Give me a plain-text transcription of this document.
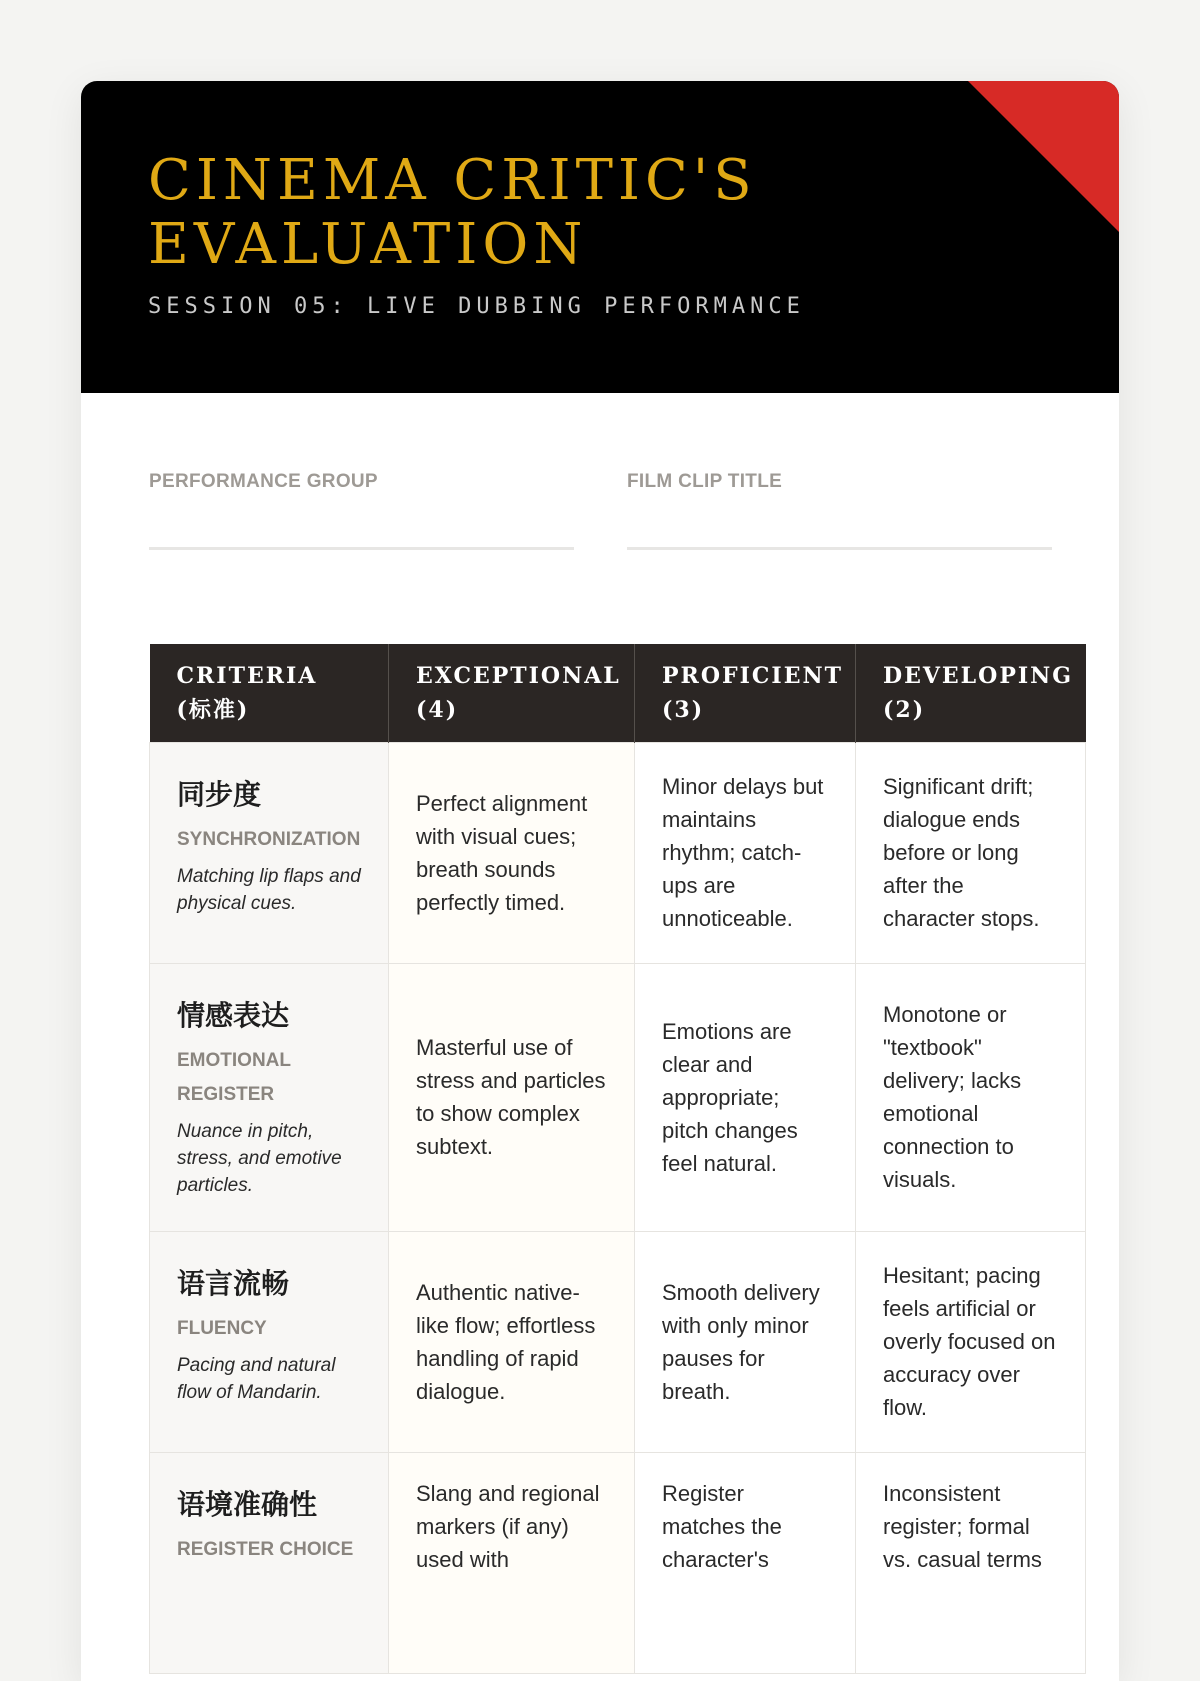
CINEMA CRITIC'S
EVALUATION
SESSION 05: LIVE DUBBING PERFORMANCE
PERFORMANCE GROUP	FILM CLIP TITLE
CRITERIA (标准)	EXCEPTIONAL (4)	PROFICIENT (3)	DEVELOPING (2)

同步度
SYNCHRONIZATION
Matching lip flaps and physical cues.	Perfect alignment with visual cues; breath sounds perfectly timed.	Minor delays but maintains rhythm; catch-ups are unnoticeable.	Significant drift; dialogue ends before or long after the character stops.

情感表达
EMOTIONAL REGISTER
Nuance in pitch, stress, and emotive particles.	Masterful use of stress and particles to show complex subtext.	Emotions are clear and appropriate; pitch changes feel natural.	Monotone or "textbook" delivery; lacks emotional connection to visuals.

语言流畅
FLUENCY
Pacing and natural flow of Mandarin.	Authentic native-like flow; effortless handling of rapid dialogue.	Smooth delivery with only minor pauses for breath.	Hesitant; pacing feels artificial or overly focused on accuracy over flow.

语境准确性
REGISTER CHOICE	Slang and regional markers (if any) used with	Register matches the character's	Inconsistent register; formal vs. casual terms
